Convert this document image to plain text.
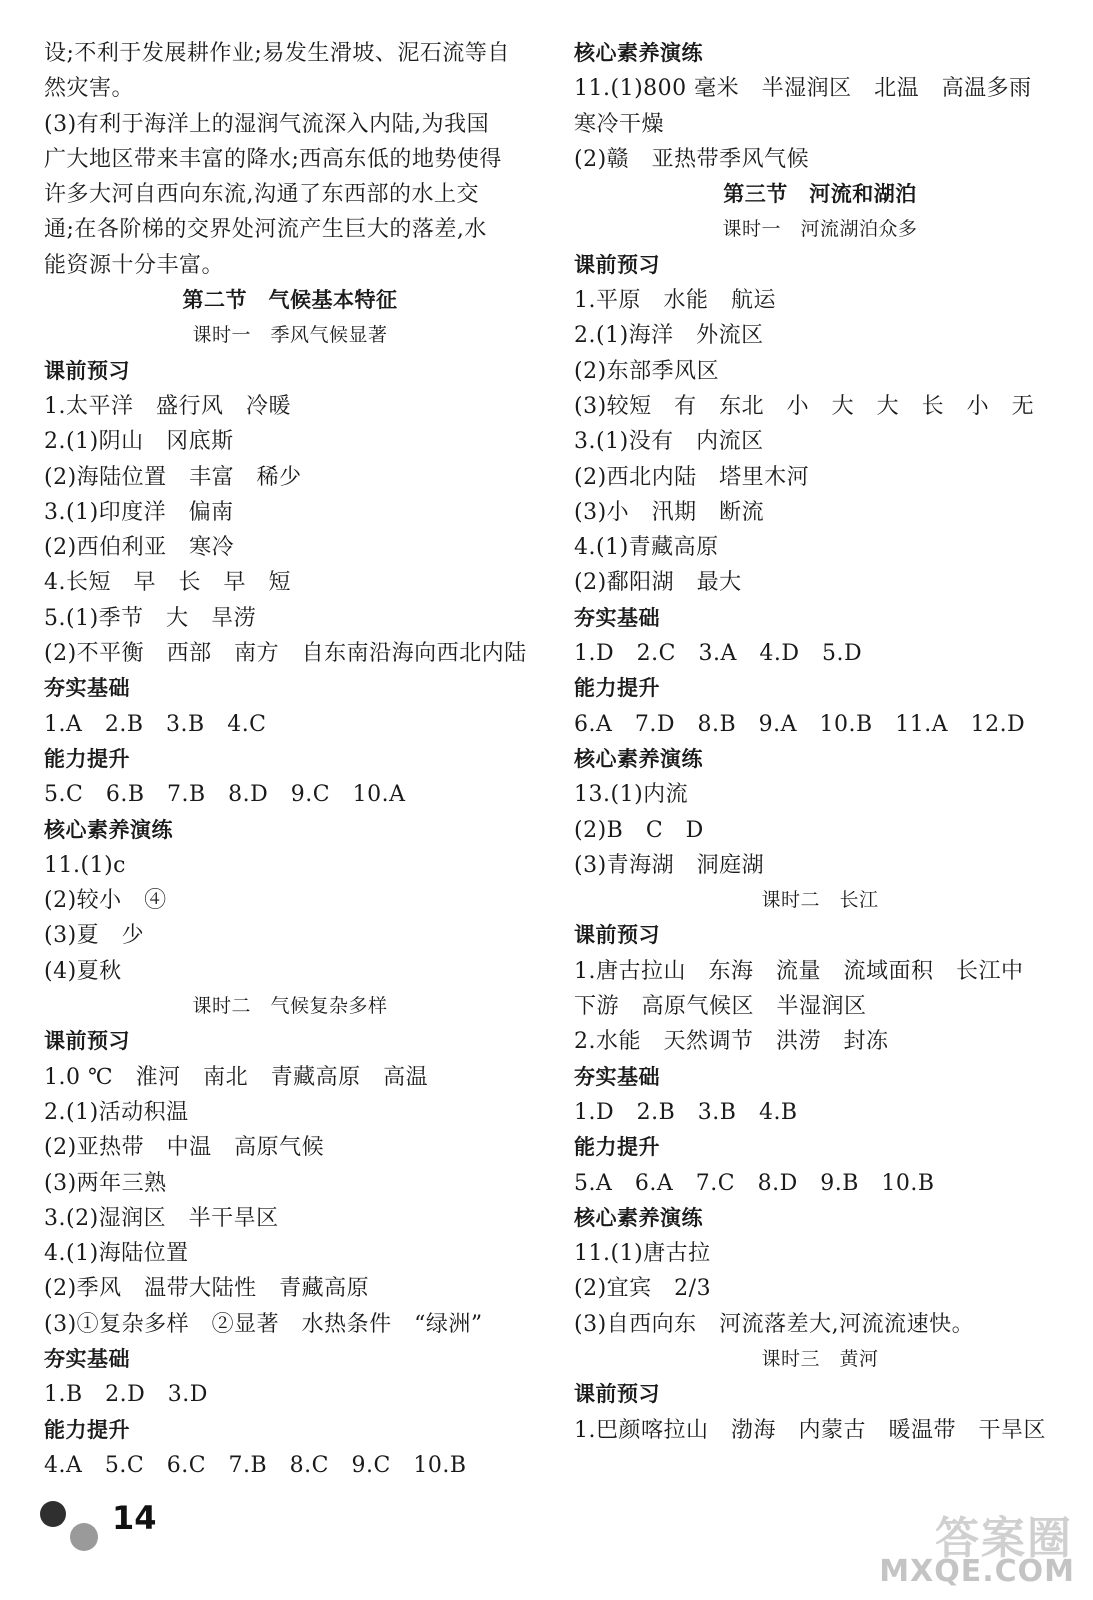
设;不利于发展耕作业;易发生滑坡、泥石流等自
然灾害。
(3)有利于海洋上的湿润气流深入内陆,为我国
广大地区带来丰富的降水;西高东低的地势使得
许多大河自西向东流,沟通了东西部的水上交
通;在各阶梯的交界处河流产生巨大的落差,水
能资源十分丰富。
第二节　气候基本特征
课时一　季风气候显著
课前预习
1.太平洋　盛行风　冷暖
2.(1)阴山　冈底斯
(2)海陆位置　丰富　稀少
3.(1)印度洋　偏南
(2)西伯利亚　寒冷
4.长短　早　长　早　短
5.(1)季节　大　旱涝
(2)不平衡　西部　南方　自东南沿海向西北内陆
夯实基础
1.A　2.B　3.B　4.C
能力提升
5.C　6.B　7.B　8.D　9.C　10.A
核心素养演练
11.(1)c
(2)较小　④
(3)夏　少
(4)夏秋
课时二　气候复杂多样
课前预习
1.0 ℃　淮河　南北　青藏高原　高温
2.(1)活动积温
(2)亚热带　中温　高原气候
(3)两年三熟
3.(2)湿润区　半干旱区
4.(1)海陆位置
(2)季风　温带大陆性　青藏高原
(3)①复杂多样　②显著　水热条件　“绿洲”
夯实基础
1.B　2.D　3.D
能力提升
4.A　5.C　6.C　7.B　8.C　9.C　10.B
核心素养演练
11.(1)800 毫米　半湿润区　北温　高温多雨
寒冷干燥
(2)赣　亚热带季风气候
第三节　河流和湖泊
课时一　河流湖泊众多
课前预习
1.平原　水能　航运
2.(1)海洋　外流区
(2)东部季风区
(3)较短　有　东北　小　大　大　长　小　无
3.(1)没有　内流区
(2)西北内陆　塔里木河
(3)小　汛期　断流
4.(1)青藏高原
(2)鄱阳湖　最大
夯实基础
1.D　2.C　3.A　4.D　5.D
能力提升
6.A　7.D　8.B　9.A　10.B　11.A　12.D
核心素养演练
13.(1)内流
(2)B　C　D
(3)青海湖　洞庭湖
课时二　长江
课前预习
1.唐古拉山　东海　流量　流域面积　长江中
下游　高原气候区　半湿润区
2.水能　天然调节　洪涝　封冻
夯实基础
1.D　2.B　3.B　4.B
能力提升
5.A　6.A　7.C　8.D　9.B　10.B
核心素养演练
11.(1)唐古拉
(2)宜宾　2/3
(3)自西向东　河流落差大,河流流速快。
课时三　黄河
课前预习
1.巴颜喀拉山　渤海　内蒙古　暖温带　干旱区
14	答案圈
MXQE.COM
